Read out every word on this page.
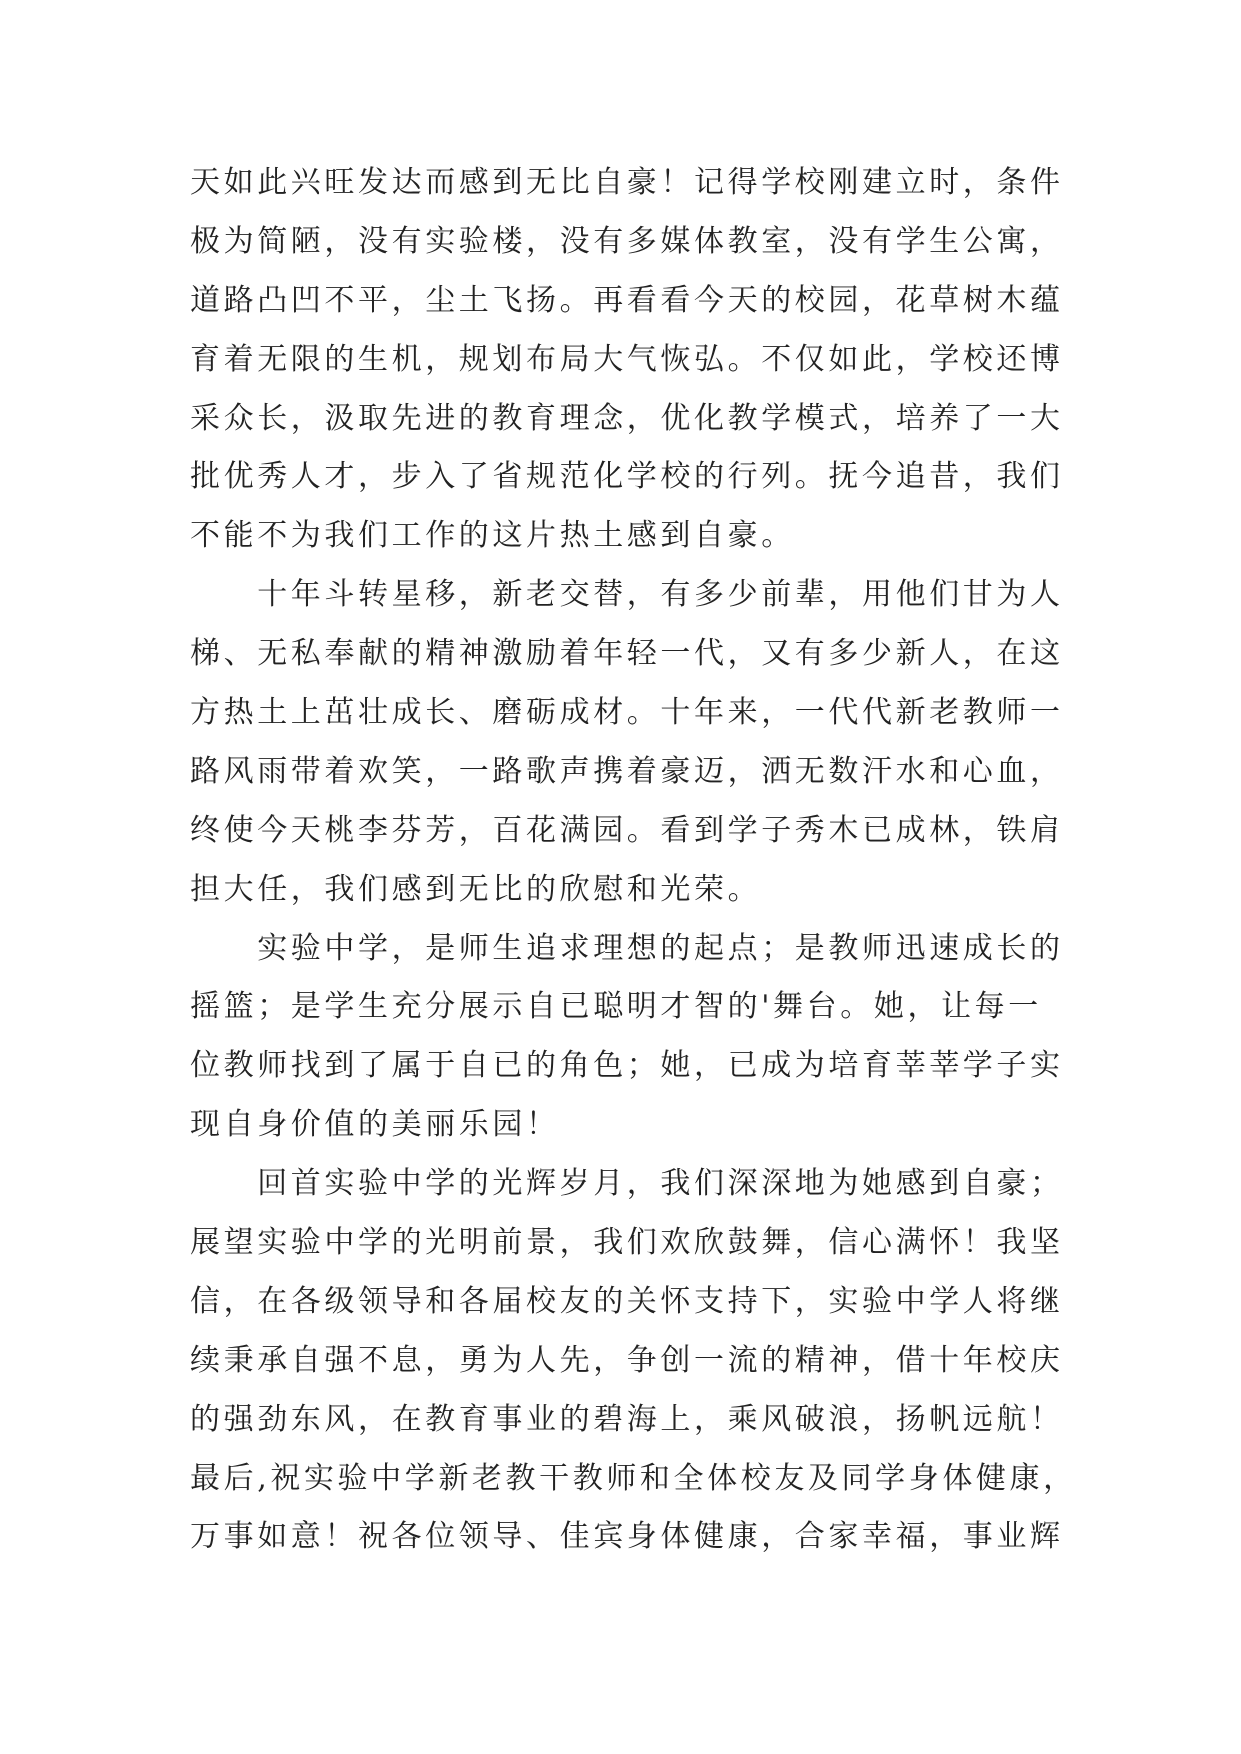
天如此兴旺发达而感到无比自豪！记得学校刚建立时，条件
极为简陋，没有实验楼，没有多媒体教室，没有学生公寓，
道路凸凹不平，尘土飞扬。再看看今天的校园，花草树木蕴
育着无限的生机，规划布局大气恢弘。不仅如此，学校还博
采众长，汲取先进的教育理念，优化教学模式，培养了一大
批优秀人才，步入了省规范化学校的行列。抚今追昔，我们
不能不为我们工作的这片热土感到自豪。
　　十年斗转星移，新老交替，有多少前辈，用他们甘为人
梯、无私奉献的精神激励着年轻一代，又有多少新人，在这
方热土上茁壮成长、磨砺成材。十年来，一代代新老教师一
路风雨带着欢笑，一路歌声携着豪迈，洒无数汗水和心血，
终使今天桃李芬芳，百花满园。看到学子秀木已成林，铁肩
担大任，我们感到无比的欣慰和光荣。
　　实验中学，是师生追求理想的起点；是教师迅速成长的
摇篮；是学生充分展示自已聪明才智的'舞台。她，让每一
位教师找到了属于自已的角色；她，已成为培育莘莘学子实
现自身价值的美丽乐园！
　　回首实验中学的光辉岁月，我们深深地为她感到自豪；
展望实验中学的光明前景，我们欢欣鼓舞，信心满怀！我坚
信，在各级领导和各届校友的关怀支持下，实验中学人将继
续秉承自强不息，勇为人先，争创一流的精神，借十年校庆
的强劲东风，在教育事业的碧海上，乘风破浪，扬帆远航！
最后,祝实验中学新老教干教师和全体校友及同学身体健康，
万事如意！祝各位领导、佳宾身体健康，合家幸福，事业辉
